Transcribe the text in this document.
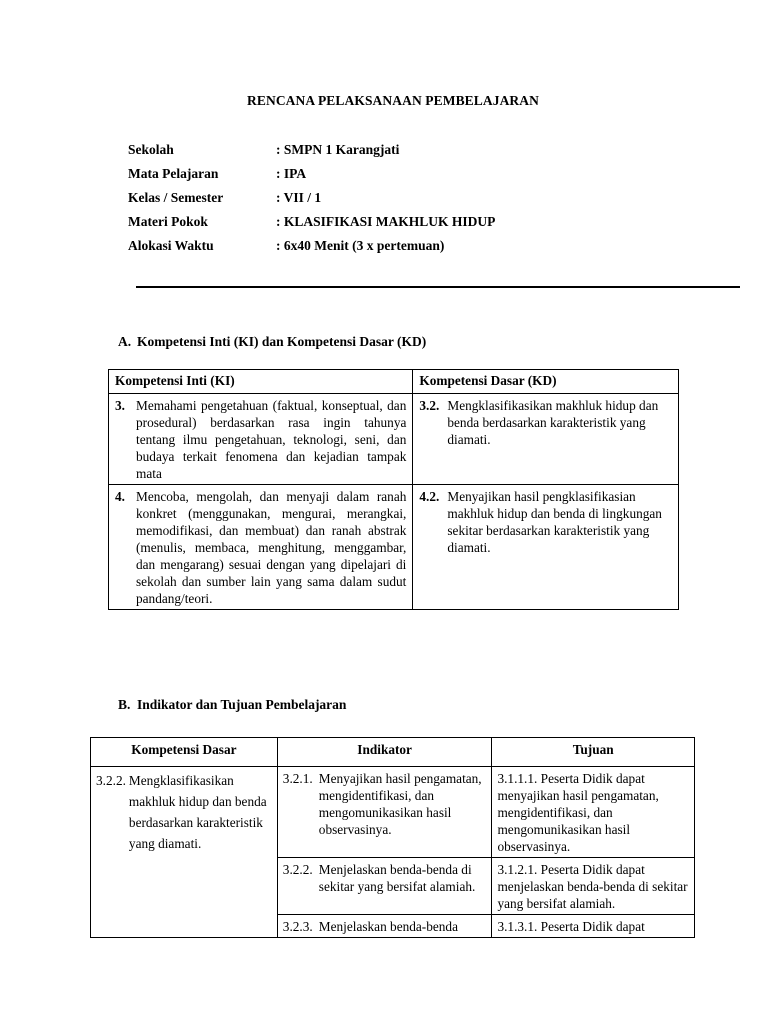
RENCANA PELAKSANAAN PEMBELAJARAN
Sekolah	: SMPN 1 Karangjati
Mata Pelajaran	: IPA
Kelas / Semester	: VII / 1
Materi Pokok	: KLASIFIKASI MAKHLUK HIDUP
Alokasi Waktu	: 6x40 Menit (3 x pertemuan)
A. Kompetensi Inti (KI) dan Kompetensi Dasar (KD)
Kompetensi Inti (KI)	Kompetensi Dasar (KD)

3. Memahami pengetahuan (faktual, konseptual, dan prosedural) berdasarkan rasa ingin tahunya tentang ilmu pengetahuan, teknologi, seni, dan budaya terkait fenomena dan kejadian tampak mata	3.2. Mengklasifikasikan makhluk hidup dan benda berdasarkan karakteristik yang diamati.

4. Mencoba, mengolah, dan menyaji dalam ranah konkret (menggunakan, mengurai, merangkai, memodifikasi, dan membuat) dan ranah abstrak (menulis, membaca, menghitung, menggambar, dan mengarang) sesuai dengan yang dipelajari di sekolah dan sumber lain yang sama dalam sudut pandang/teori.	4.2. Menyajikan hasil pengklasifikasian makhluk hidup dan benda di lingkungan sekitar berdasarkan karakteristik yang diamati.
B. Indikator dan Tujuan Pembelajaran
Kompetensi Dasar	Indikator	Tujuan

3.2.2. Mengklasifikasikan makhluk hidup dan benda berdasarkan karakteristik yang diamati.	3.2.1. Menyajikan hasil pengamatan, mengidentifikasi, dan mengomunikasikan hasil observasinya.	3.1.1.1. Peserta Didik dapat menyajikan hasil pengamatan, mengidentifikasi, dan mengomunikasikan hasil observasinya.

	3.2.2. Menjelaskan benda-benda di sekitar yang bersifat alamiah.	3.1.2.1. Peserta Didik dapat menjelaskan benda-benda di sekitar yang bersifat alamiah.

	3.2.3. Menjelaskan benda-benda	3.1.3.1. Peserta Didik dapat
